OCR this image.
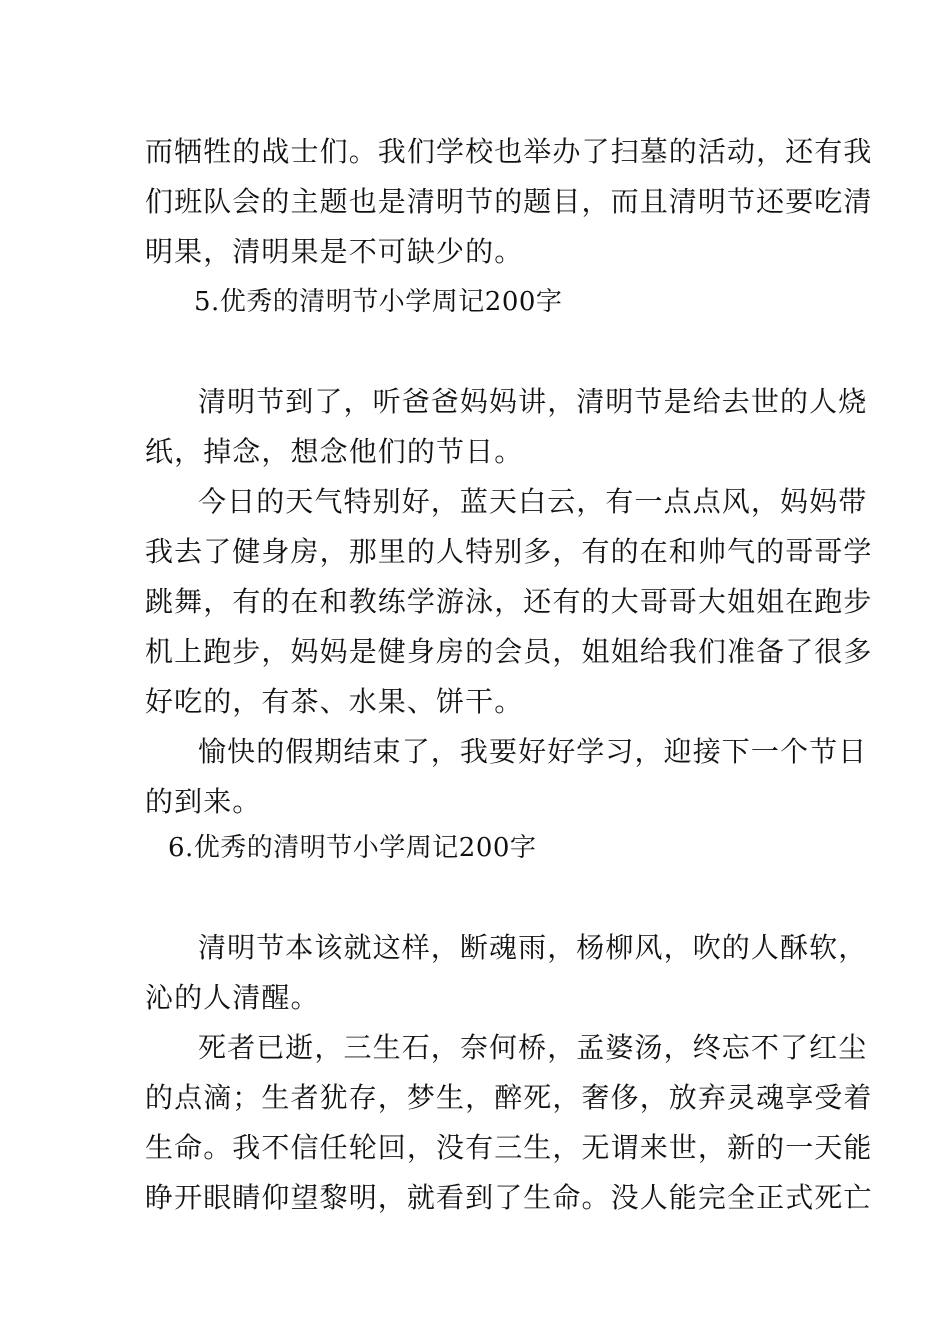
而牺牲的战士们。我们学校也举办了扫墓的活动，还有我
们班队会的主题也是清明节的题目，而且清明节还要吃清
明果，清明果是不可缺少的。
5.优秀的清明节小学周记200字
清明节到了，听爸爸妈妈讲，清明节是给去世的人烧
纸，掉念，想念他们的节日。
今日的天气特别好，蓝天白云，有一点点风，妈妈带
我去了健身房，那里的人特别多，有的在和帅气的哥哥学
跳舞，有的在和教练学游泳，还有的大哥哥大姐姐在跑步
机上跑步，妈妈是健身房的会员，姐姐给我们准备了很多
好吃的，有茶、水果、饼干。
愉快的假期结束了，我要好好学习，迎接下一个节日
的到来。
6.优秀的清明节小学周记200字
清明节本该就这样，断魂雨，杨柳风，吹的人酥软，
沁的人清醒。
死者已逝，三生石，奈何桥，孟婆汤，终忘不了红尘
的点滴；生者犹存，梦生，醉死，奢侈，放弃灵魂享受着
生命。我不信任轮回，没有三生，无谓来世，新的一天能
睁开眼睛仰望黎明，就看到了生命。没人能完全正式死亡
